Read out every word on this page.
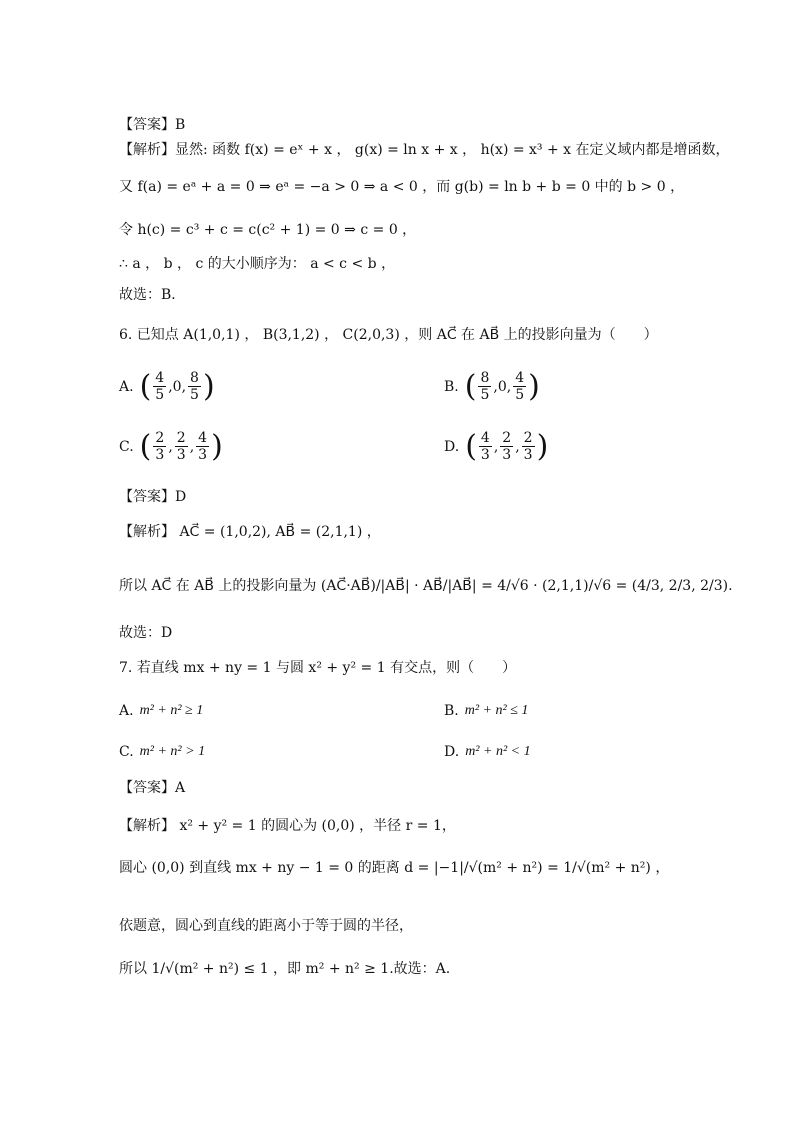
【答案】B
【解析】显然: 函数 f(x) = eˣ + x ， g(x) = ln x + x ， h(x) = x³ + x 在定义域内都是增函数，
又 f(a) = eᵃ + a = 0 ⇒ eᵃ = −a > 0 ⇒ a < 0 ，而 g(b) = ln b + b = 0 中的 b > 0 ，
令 h(c) = c³ + c = c(c² + 1) = 0 ⇒ c = 0 ，
∴ a ， b ， c 的大小顺序为： a < c < b ，
故选：B．
6. 已知点 A(1,0,1) ， B(3,1,2) ， C(2,0,3) ，则 AC⃗ 在 AB⃗ 上的投影向量为（　　）
A. ( 4
5
, 0 ,
8
5 )	B. ( 8
5
, 0 ,
4
5 )
C. ( 2
3
,
2
3
,
4
3 )	D. ( 4
3
,
2
3
,
2
3 )
【答案】D
【解析】 AC⃗ = (1,0,2), AB⃗ = (2,1,1) ，
所以 AC⃗ 在 AB⃗ 上的投影向量为 (AC⃗·AB⃗)/|AB⃗| · AB⃗/|AB⃗| = 4/√6 · (2,1,1)/√6 = (4/3, 2/3, 2/3).
故选：D
7. 若直线 mx + ny = 1 与圆 x² + y² = 1 有交点，则（　　）
A. m² + n² ≥ 1	B. m² + n² ≤ 1
C. m² + n² > 1	D. m² + n² < 1
【答案】A
【解析】 x² + y² = 1 的圆心为 (0,0) ，半径 r = 1，
圆心 (0,0) 到直线 mx + ny − 1 = 0 的距离 d = |−1|/√(m² + n²) = 1/√(m² + n²) ，
依题意，圆心到直线的距离小于等于圆的半径，
所以 1/√(m² + n²) ≤ 1 ，即 m² + n² ≥ 1.故选：A.
